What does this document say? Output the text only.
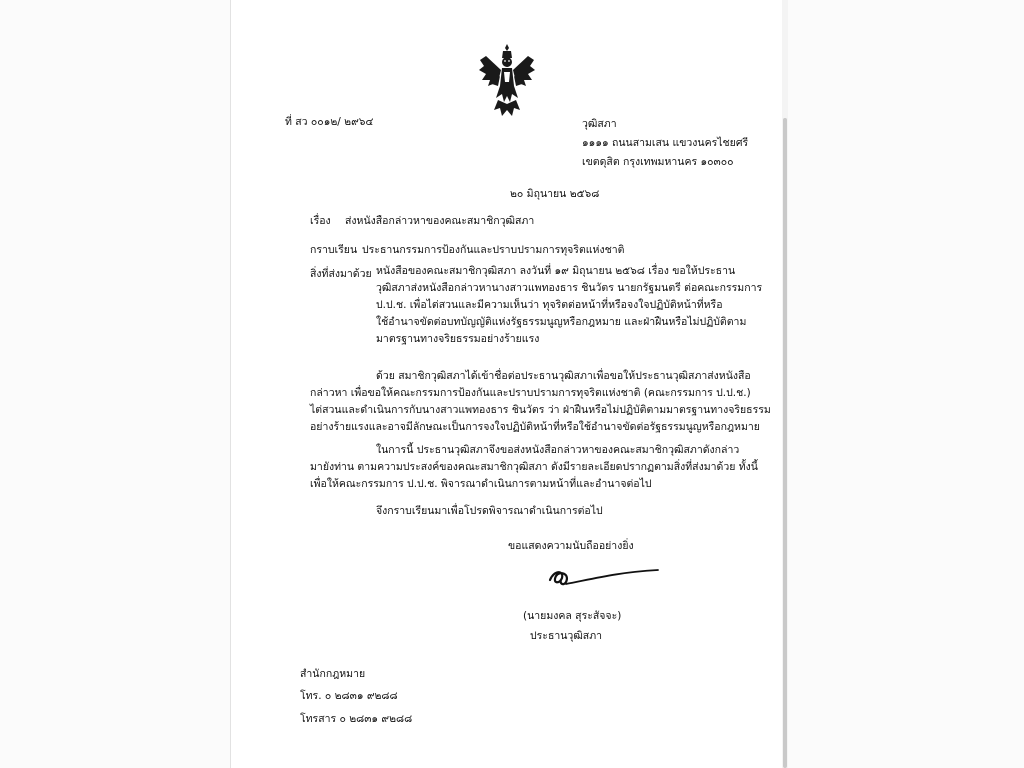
ที่ สว ๐๐๑๒/ ๒๙๖๔	วุฒิสภา
๑๑๑๑ ถนนสามเสน แขวงนครไชยศรี
เขตดุสิต กรุงเทพมหานคร ๑๐๓๐๐
๒๐ มิถุนายน ๒๕๖๘
เรื่อง ส่งหนังสือกล่าวหาของคณะสมาชิกวุฒิสภา
กราบเรียน ประธานกรรมการป้องกันและปราบปรามการทุจริตแห่งชาติ
สิ่งที่ส่งมาด้วย หนังสือของคณะสมาชิกวุฒิสภา ลงวันที่ ๑๙ มิถุนายน ๒๕๖๘ เรื่อง ขอให้ประธาน
วุฒิสภาส่งหนังสือกล่าวหานางสาวแพทองธาร ชินวัตร นายกรัฐมนตรี ต่อคณะกรรมการ
ป.ป.ช. เพื่อไต่สวนและมีความเห็นว่า ทุจริตต่อหน้าที่หรือจงใจปฏิบัติหน้าที่หรือ
ใช้อำนาจขัดต่อบทบัญญัติแห่งรัฐธรรมนูญหรือกฎหมาย และฝ่าฝืนหรือไม่ปฏิบัติตาม
มาตรฐานทางจริยธรรมอย่างร้ายแรง
ด้วย สมาชิกวุฒิสภาได้เข้าชื่อต่อประธานวุฒิสภาเพื่อขอให้ประธานวุฒิสภาส่งหนังสือ
กล่าวหา เพื่อขอให้คณะกรรมการป้องกันและปราบปรามการทุจริตแห่งชาติ (คณะกรรมการ ป.ป.ช.)
ไต่สวนและดำเนินการกับนางสาวแพทองธาร ชินวัตร ว่า ฝ่าฝืนหรือไม่ปฏิบัติตามมาตรฐานทางจริยธรรม
อย่างร้ายแรงและอาจมีลักษณะเป็นการจงใจปฏิบัติหน้าที่หรือใช้อำนาจขัดต่อรัฐธรรมนูญหรือกฎหมาย
ในการนี้ ประธานวุฒิสภาจึงขอส่งหนังสือกล่าวหาของคณะสมาชิกวุฒิสภาดังกล่าว
มายังท่าน ตามความประสงค์ของคณะสมาชิกวุฒิสภา ดังมีรายละเอียดปรากฏตามสิ่งที่ส่งมาด้วย ทั้งนี้
เพื่อให้คณะกรรมการ ป.ป.ช. พิจารณาดำเนินการตามหน้าที่และอำนาจต่อไป
จึงกราบเรียนมาเพื่อโปรดพิจารณาดำเนินการต่อไป
ขอแสดงความนับถืออย่างยิ่ง
(นายมงคล สุระสัจจะ)
ประธานวุฒิสภา
สำนักกฎหมาย
โทร. ๐ ๒๘๓๑ ๙๒๘๘
โทรสาร ๐ ๒๘๓๑ ๙๒๘๘
